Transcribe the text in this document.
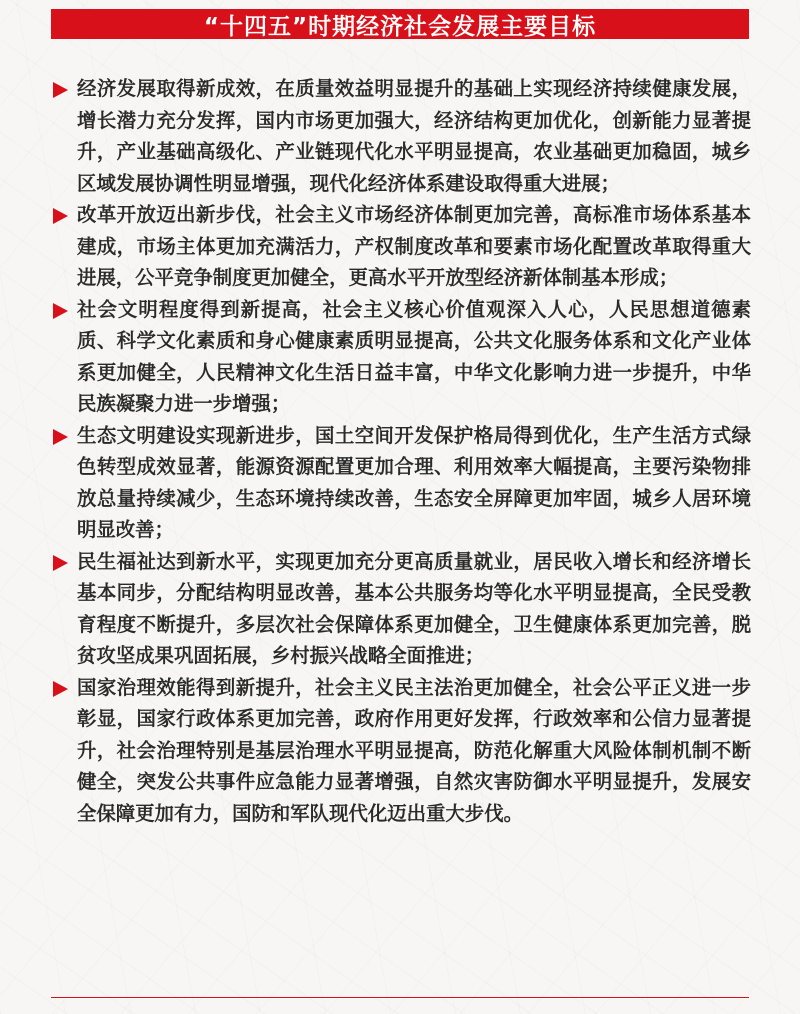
“十四五”时期经济社会发展主要目标
经济发展取得新成效，在质量效益明显提升的基础上实现经济持续健康发展，增长潜力充分发挥，国内市场更加强大，经济结构更加优化，创新能力显著提升，产业基础高级化、产业链现代化水平明显提高，农业基础更加稳固，城乡区域发展协调性明显增强，现代化经济体系建设取得重大进展；
改革开放迈出新步伐，社会主义市场经济体制更加完善，高标准市场体系基本建成，市场主体更加充满活力，产权制度改革和要素市场化配置改革取得重大进展，公平竞争制度更加健全，更高水平开放型经济新体制基本形成；
社会文明程度得到新提高，社会主义核心价值观深入人心，人民思想道德素质、科学文化素质和身心健康素质明显提高，公共文化服务体系和文化产业体系更加健全，人民精神文化生活日益丰富，中华文化影响力进一步提升，中华民族凝聚力进一步增强；
生态文明建设实现新进步，国土空间开发保护格局得到优化，生产生活方式绿色转型成效显著，能源资源配置更加合理、利用效率大幅提高，主要污染物排放总量持续减少，生态环境持续改善，生态安全屏障更加牢固，城乡人居环境明显改善；
民生福祉达到新水平，实现更加充分更高质量就业，居民收入增长和经济增长基本同步，分配结构明显改善，基本公共服务均等化水平明显提高，全民受教育程度不断提升，多层次社会保障体系更加健全，卫生健康体系更加完善，脱贫攻坚成果巩固拓展，乡村振兴战略全面推进；
国家治理效能得到新提升，社会主义民主法治更加健全，社会公平正义进一步彰显，国家行政体系更加完善，政府作用更好发挥，行政效率和公信力显著提升，社会治理特别是基层治理水平明显提高，防范化解重大风险体制机制不断健全，突发公共事件应急能力显著增强，自然灾害防御水平明显提升，发展安全保障更加有力，国防和军队现代化迈出重大步伐。
